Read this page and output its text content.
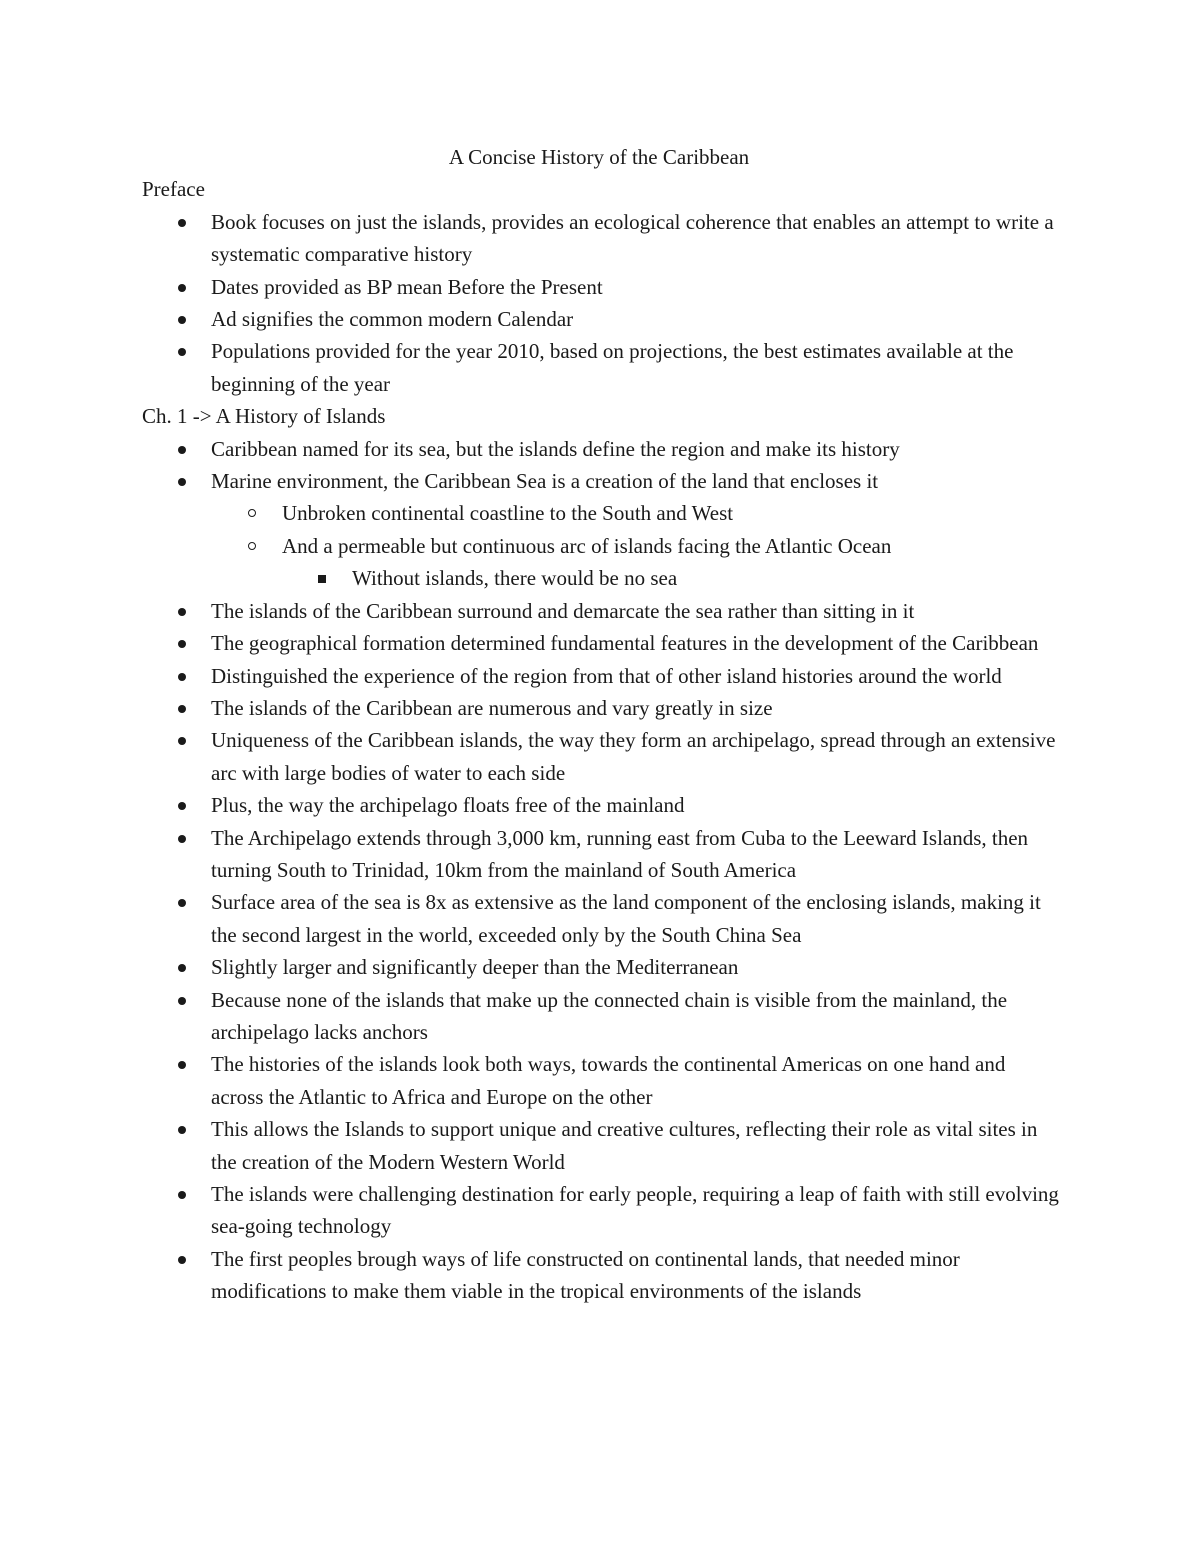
A Concise History of the Caribbean

Preface

Book focuses on just the islands, provides an ecological coherence that enables an attempt to write a systematic comparative history
Dates provided as BP mean Before the Present
Ad signifies the common modern Calendar
Populations provided for the year 2010, based on projections, the best estimates available at the beginning of the year

Ch. 1 -> A History of Islands

Caribbean named for its sea, but the islands define the region and make its history
Marine environment, the Caribbean Sea is a creation of the land that encloses it
Unbroken continental coastline to the South and West
And a permeable but continuous arc of islands facing the Atlantic Ocean
Without islands, there would be no sea
The islands of the Caribbean surround and demarcate the sea rather than sitting in it
The geographical formation determined fundamental features in the development of the Caribbean
Distinguished the experience of the region from that of other island histories around the world
The islands of the Caribbean are numerous and vary greatly in size
Uniqueness of the Caribbean islands, the way they form an archipelago, spread through an extensive arc with large bodies of water to each side
Plus, the way the archipelago floats free of the mainland
The Archipelago extends through 3,000 km, running east from Cuba to the Leeward Islands, then turning South to Trinidad, 10km from the mainland of South America
Surface area of the sea is 8x as extensive as the land component of the enclosing islands, making it the second largest in the world, exceeded only by the South China Sea
Slightly larger and significantly deeper than the Mediterranean
Because none of the islands that make up the connected chain is visible from the mainland, the archipelago lacks anchors
The histories of the islands look both ways, towards the continental Americas on one hand and across the Atlantic to Africa and Europe on the other
This allows the Islands to support unique and creative cultures, reflecting their role as vital sites in the creation of the Modern Western World
The islands were challenging destination for early people, requiring a leap of faith with still evolving sea-going technology
The first peoples brough ways of life constructed on continental lands, that needed minor modifications to make them viable in the tropical environments of the islands
